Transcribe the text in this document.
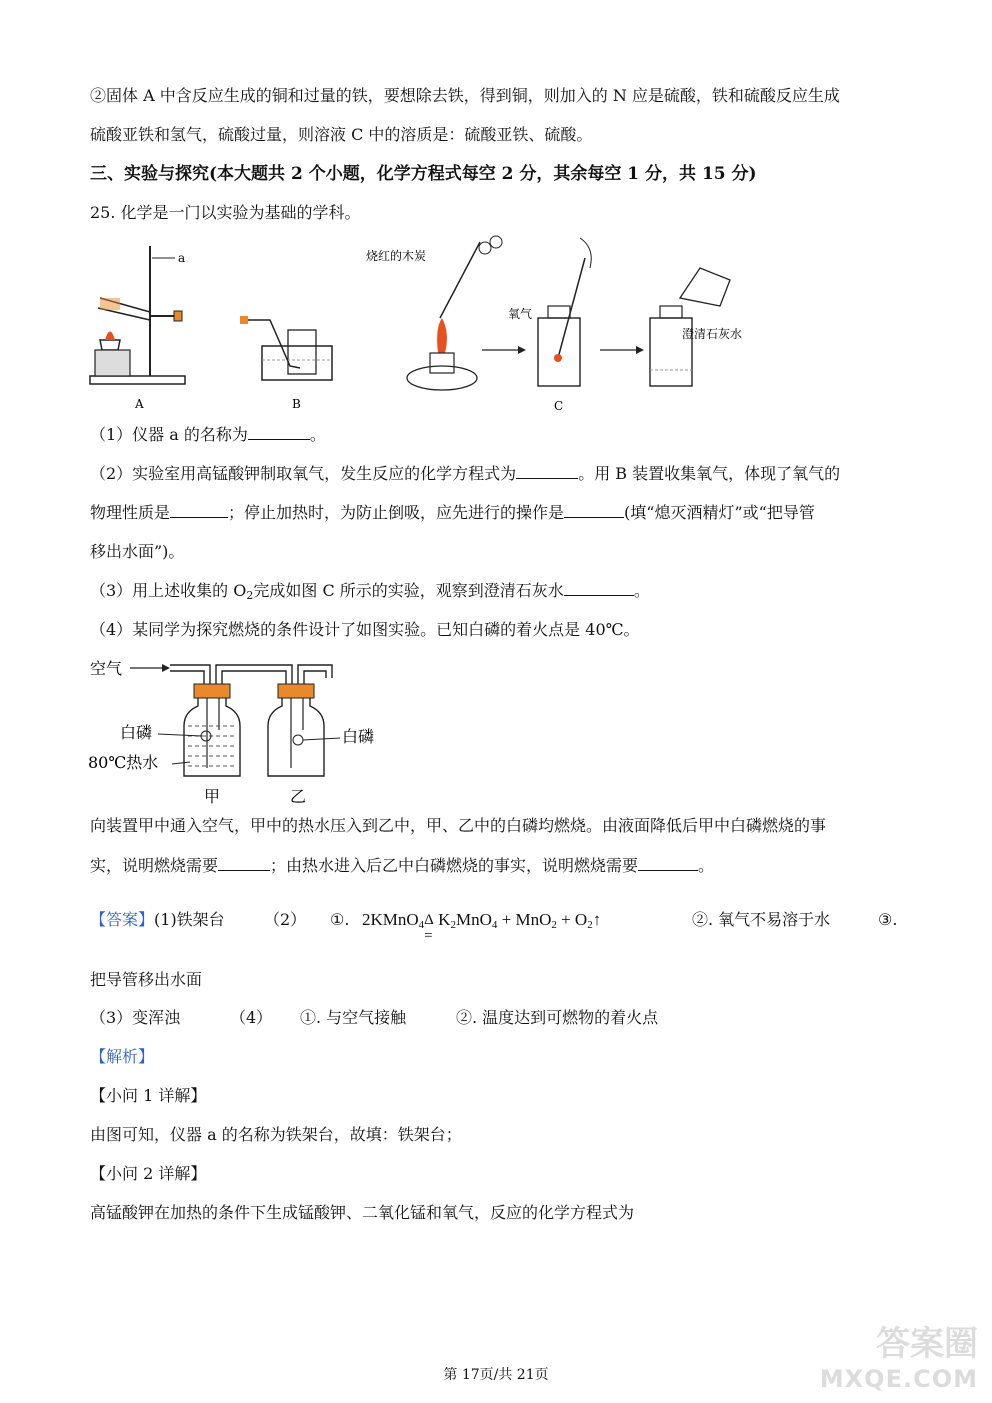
②固体 A 中含反应生成的铜和过量的铁，要想除去铁，得到铜，则加入的 N 应是硫酸，铁和硫酸反应生成
硫酸亚铁和氢气，硫酸过量，则溶液 C 中的溶质是：硫酸亚铁、硫酸。
三、实验与探究(本大题共 2 个小题，化学方程式每空 2 分，其余每空 1 分，共 15 分)
25. 化学是一门以实验为基础的学科。
a
A	B
烧红的木炭
氧气
C
澄清石灰水
（1）仪器 a 的名称为	。
（2）实验室用高锰酸钾制取氧气，发生反应的化学方程式为	。用 B 装置收集氧气，体现了氧气的
物理性质是	；停止加热时，为防止倒吸，应先进行的操作是	(填“熄灭酒精灯”或“把导管
移出水面”)。
（3）用上述收集的 $O_2$完成如图 C 所示的实验，观察到澄清石灰水	。
（4）某同学为探究燃烧的条件设计了如图实验。已知白磷的着火点是 40℃。
空气
白磷
80℃热水
白磷
甲	乙
向装置甲中通入空气，甲中的热水压入到乙中，甲、乙中的白磷均燃烧。由液面降低后甲中白磷燃烧的事
实，说明燃烧需要	；由热水进入后乙中白磷燃烧的事实，说明燃烧需要	。
【答案】(1)铁架台 （2） ①. 2KMnO$_4$ Δ
=
$K_2MnO_4 + MnO_2$ + $O_2↑$	②. 氧气不易溶于水	③.
把导管移出水面
（3）变浑浊	（4） ①. 与空气接触	②. 温度达到可燃物的着火点
【解析】
【小问 1 详解】
由图可知，仪器 a 的名称为铁架台，故填：铁架台；
【小问 2 详解】
高锰酸钾在加热的条件下生成锰酸钾、二氧化锰和氧气，反应的化学方程式为
第 17页/共 21页
答案圈
MXQE.COM
